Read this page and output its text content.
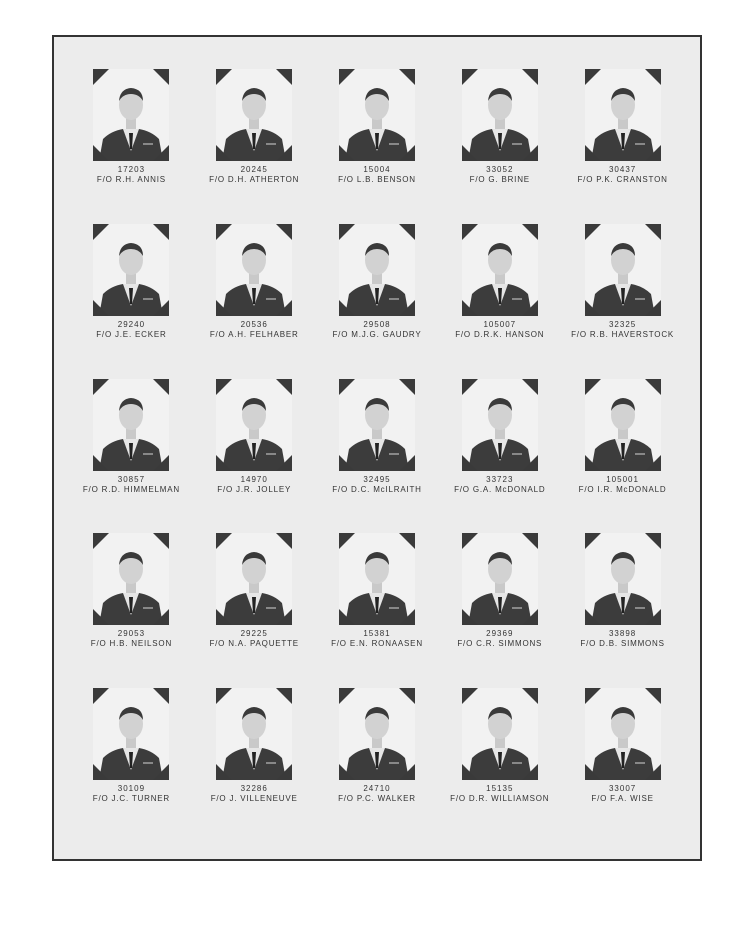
17203
F/O R.H. ANNIS
20245
F/O D.H. ATHERTON
15004
F/O L.B. BENSON
33052
F/O G. BRINE
30437
F/O P.K. CRANSTON
29240
F/O J.E. ECKER
20536
F/O A.H. FELHABER
29508
F/O M.J.G. GAUDRY
105007
F/O D.R.K. HANSON
32325
F/O R.B. HAVERSTOCK
30857
F/O R.D. HIMMELMAN
14970
F/O J.R. JOLLEY
32495
F/O D.C. McILRAITH
33723
F/O G.A. McDONALD
105001
F/O I.R. McDONALD
29053
F/O H.B. NEILSON
29225
F/O N.A. PAQUETTE
15381
F/O E.N. RONAASEN
29369
F/O C.R. SIMMONS
33898
F/O D.B. SIMMONS
30109
F/O J.C. TURNER
32286
F/O J. VILLENEUVE
24710
F/O P.C. WALKER
15135
F/O D.R. WILLIAMSON
33007
F/O F.A. WISE
